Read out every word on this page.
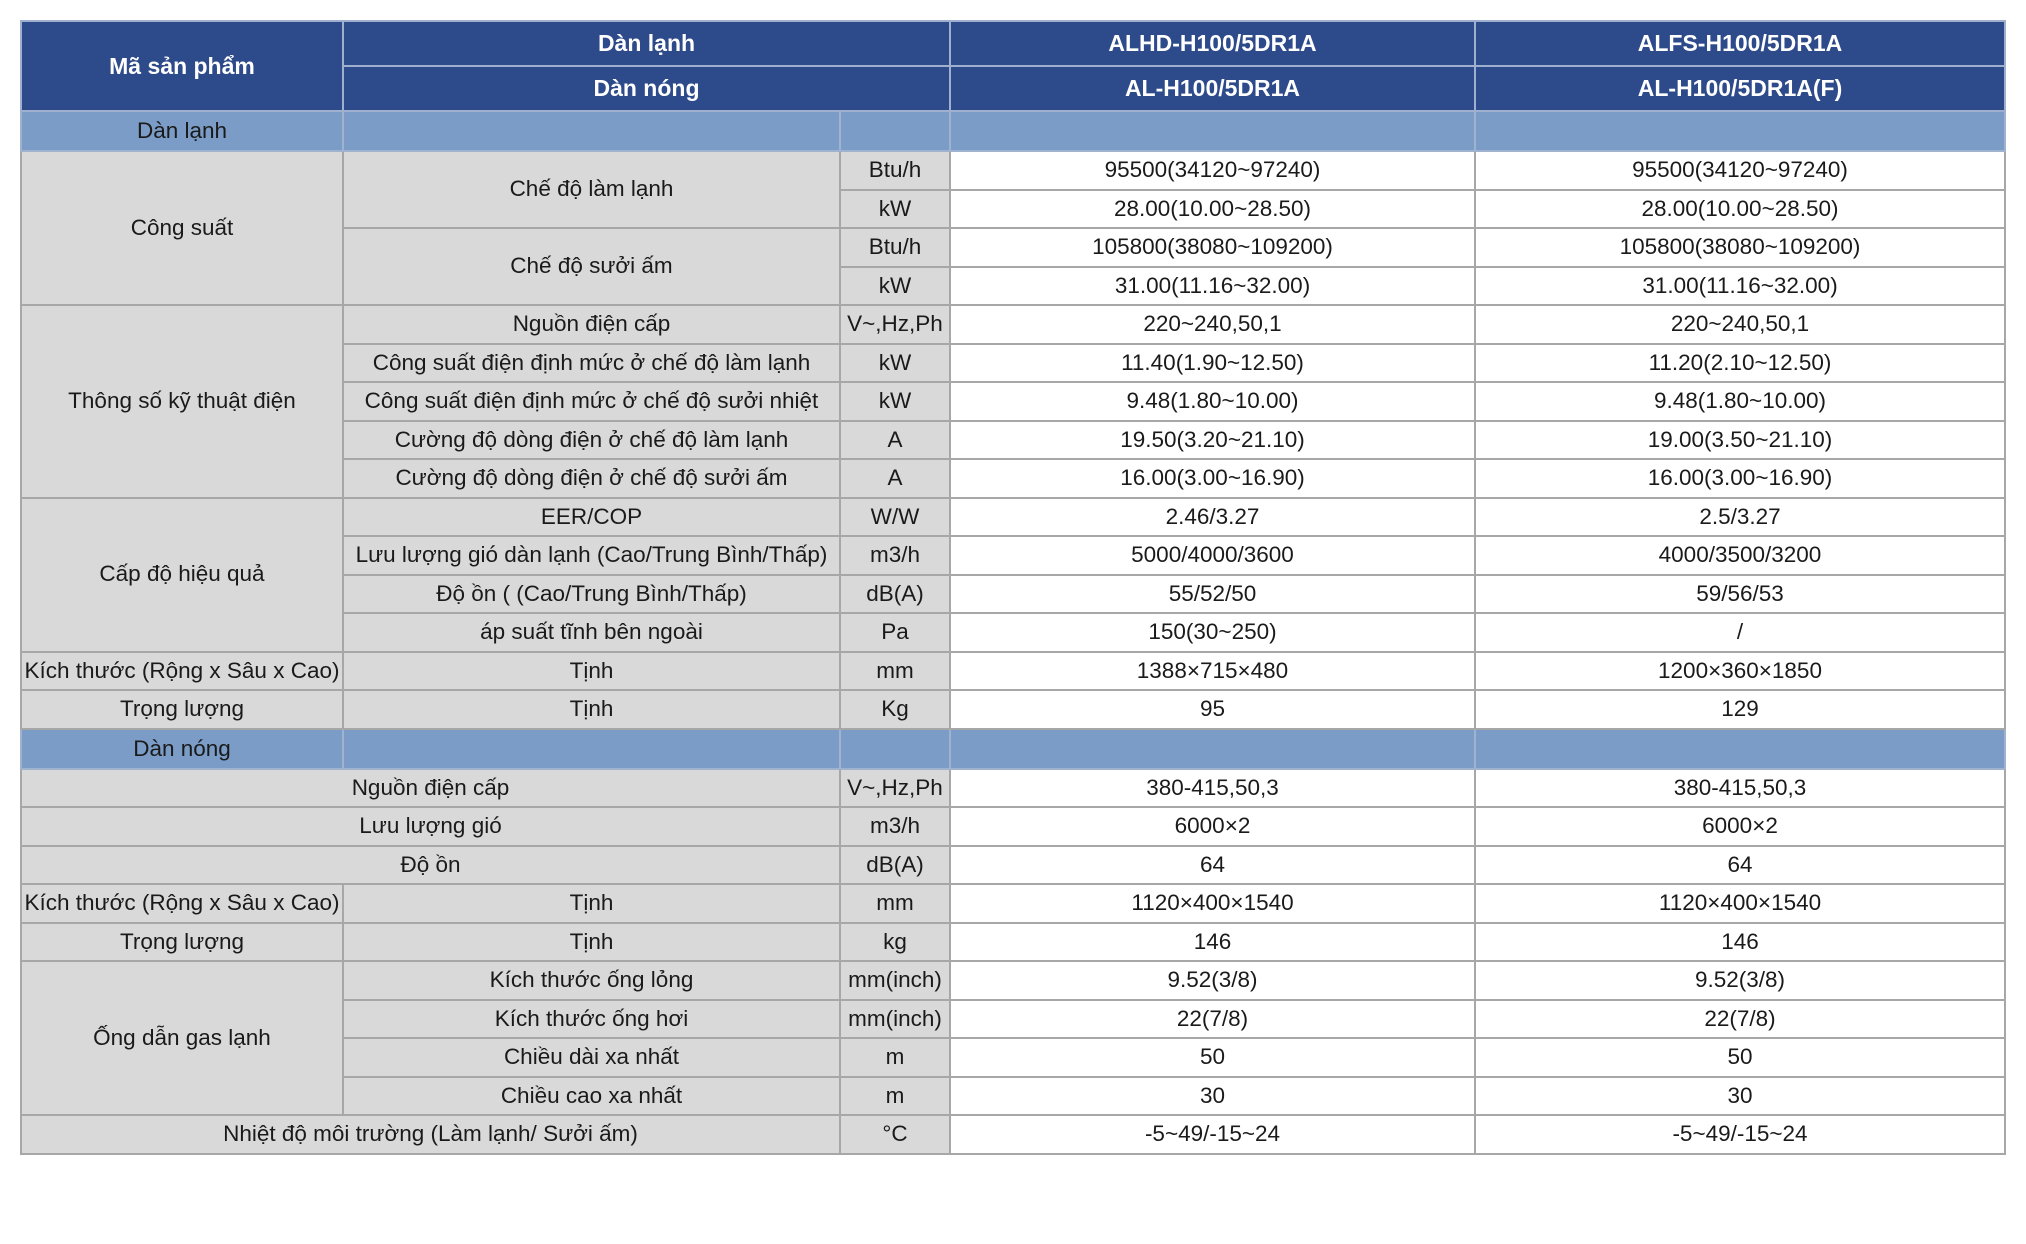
Mã sản phẩm	Dàn lạnh		ALHD-H100/5DR1A	ALFS-H100/5DR1A
	Dàn nóng		AL-H100/5DR1A	AL-H100/5DR1A(F)
Dàn lạnh				
Công suất	Chế độ làm lạnh	Btu/h	95500(34120~97240)	95500(34120~97240)
		kW	28.00(10.00~28.50)	28.00(10.00~28.50)
	Chế độ sưởi ấm	Btu/h	105800(38080~109200)	105800(38080~109200)
		kW	31.00(11.16~32.00)	31.00(11.16~32.00)
Thông số kỹ thuật điện	Nguồn điện cấp	V~,Hz,Ph	220~240,50,1	220~240,50,1
	Công suất điện định mức ở chế độ làm lạnh	kW	11.40(1.90~12.50)	11.20(2.10~12.50)
	Công suất điện định mức ở chế độ sưởi nhiệt	kW	9.48(1.80~10.00)	9.48(1.80~10.00)
	Cường độ dòng điện ở chế độ làm lạnh	A	19.50(3.20~21.10)	19.00(3.50~21.10)
	Cường độ dòng điện ở chế độ sưởi ấm	A	16.00(3.00~16.90)	16.00(3.00~16.90)
Cấp độ hiệu quả	EER/COP	W/W	2.46/3.27	2.5/3.27
	Lưu lượng gió dàn lạnh (Cao/Trung Bình/Thấp)	m3/h	5000/4000/3600	4000/3500/3200
	Độ ồn ( (Cao/Trung Bình/Thấp)	dB(A)	55/52/50	59/56/53
	áp suất tĩnh bên ngoài	Pa	150(30~250)	/
Kích thước (Rộng x Sâu x Cao)	Tịnh	mm	1388×715×480	1200×360×1850
Trọng lượng	Tịnh	Kg	95	129
Dàn nóng				
Nguồn điện cấp		V~,Hz,Ph	380-415,50,3	380-415,50,3
Lưu lượng gió		m3/h	6000×2	6000×2
Độ ồn		dB(A)	64	64
Kích thước (Rộng x Sâu x Cao)	Tịnh	mm	1120×400×1540	1120×400×1540
Trọng lượng	Tịnh	kg	146	146
Ống dẫn gas lạnh	Kích thước ống lỏng	mm(inch)	9.52(3/8)	9.52(3/8)
	Kích thước ống hơi	mm(inch)	22(7/8)	22(7/8)
	Chiều dài xa nhất	m	50	50
	Chiều cao xa nhất	m	30	30
Nhiệt độ môi trường (Làm lạnh/ Sưởi ấm)		°C	-5~49/-15~24	-5~49/-15~24
